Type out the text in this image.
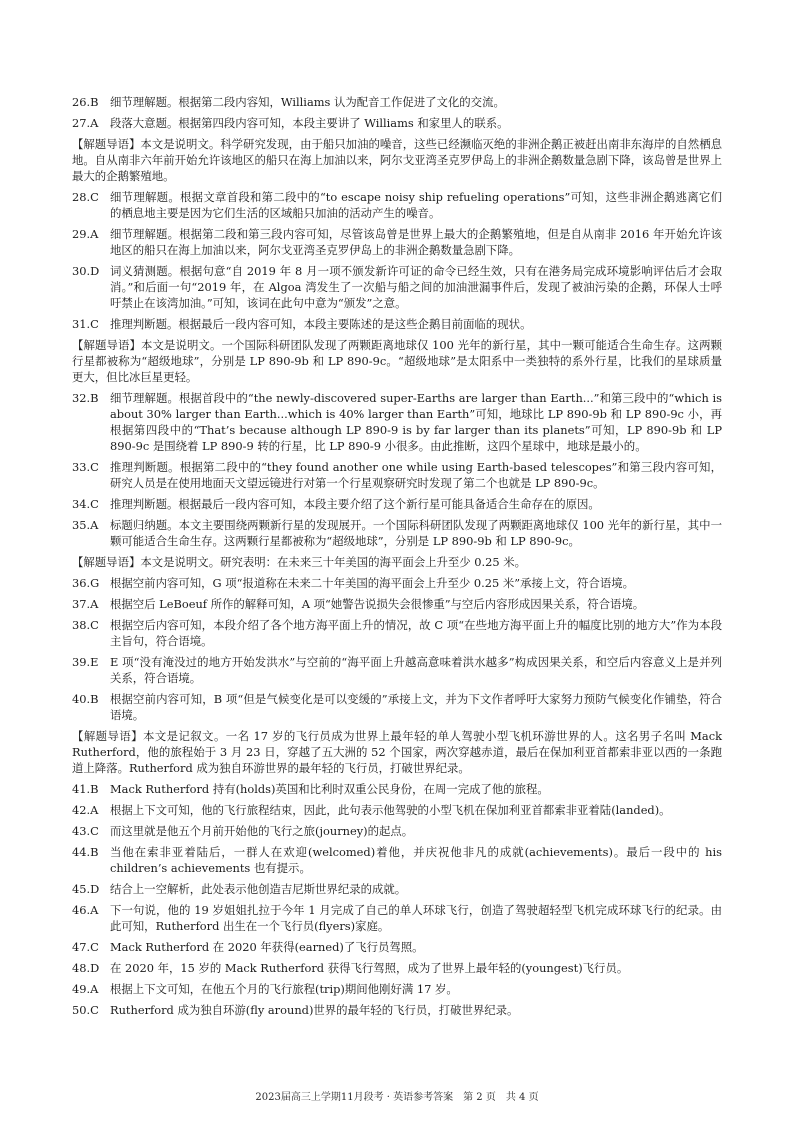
26.B	细节理解题。根据第二段内容知，Williams 认为配音工作促进了文化的交流。
27.A	段落大意题。根据第四段内容可知，本段主要讲了 Williams 和家里人的联系。
【解题导语】本文是说明文。科学研究发现，由于船只加油的噪音，这些已经濒临灭绝的非洲企鹅正被赶出南非东海岸的自然栖息地。自从南非六年前开始允许该地区的船只在海上加油以来，阿尔戈亚湾圣克罗伊岛上的非洲企鹅数量急剧下降，该岛曾是世界上最大的企鹅繁殖地。
28.C 细节理解题。根据文章首段和第二段中的“to escape noisy ship refueling operations”可知，这些非洲企鹅逃离它们的栖息地主要是因为它们生活的区域船只加油的活动产生的噪音。
29.A	细节理解题。根据第二段和第三段内容可知，尽管该岛曾是世界上最大的企鹅繁殖地，但是自从南非 2016 年开始允许该地区的船只在海上加油以来，阿尔戈亚湾圣克罗伊岛上的非洲企鹅数量急剧下降。
30.D 词义猜测题。根据句意“自 2019 年 8 月一项不颁发新许可证的命令已经生效，只有在港务局完成环境影响评估后才会取消。”和后面一句“2019 年，在 Algoa 湾发生了一次船与船之间的加油泄漏事件后，发现了被油污染的企鹅，环保人士呼吁禁止在该湾加油。”可知，该词在此句中意为“颁发”之意。
31.C 推理判断题。根据最后一段内容可知，本段主要陈述的是这些企鹅目前面临的现状。
【解题导语】本文是说明文。一个国际科研团队发现了两颗距离地球仅 100 光年的新行星，其中一颗可能适合生命生存。这两颗行星都被称为“超级地球”，分别是 LP 890-9b 和 LP 890-9c。“超级地球”是太阳系中一类独特的系外行星，比我们的星球质量更大，但比冰巨星更轻。
32.B	细节理解题。根据首段中的“the newly-discovered super-Earths are larger than Earth...”和第三段中的“which is about 30% larger than Earth...which is 40% larger than Earth”可知，地球比 LP 890-9b 和 LP 890-9c 小，再根据第四段中的“That’s because although LP 890-9 is by far larger than its planets”可知，LP 890-9b 和 LP 890-9c 是围绕着 LP 890-9 转的行星，比 LP 890-9 小很多。由此推断，这四个星球中，地球是最小的。
33.C 推理判断题。根据第二段中的“they found another one while using Earth-based telescopes”和第三段内容可知，研究人员是在使用地面天文望远镜进行对第一个行星观察研究时发现了第二个也就是 LP 890-9c。
34.C 推理判断题。根据最后一段内容可知，本段主要介绍了这个新行星可能具备适合生命存在的原因。
35.A	标题归纳题。本文主要围绕两颗新行星的发现展开。一个国际科研团队发现了两颗距离地球仅 100 光年的新行星，其中一颗可能适合生命生存。这两颗行星都被称为“超级地球”，分别是 LP 890-9b 和 LP 890-9c。
【解题导语】本文是说明文。研究表明：在未来三十年美国的海平面会上升至少 0.25 米。
36.G 根据空前内容可知，G 项“报道称在未来二十年美国的海平面会上升至少 0.25 米”承接上文，符合语境。
37.A	根据空后 LeBoeuf 所作的解释可知，A 项“她警告说损失会很惨重”与空后内容形成因果关系，符合语境。
38.C 根据空后内容可知，本段介绍了各个地方海平面上升的情况，故 C 项“在些地方海平面上升的幅度比别的地方大”作为本段主旨句，符合语境。
39.E	E 项“没有淹没过的地方开始发洪水”与空前的“海平面上升越高意味着洪水越多”构成因果关系，和空后内容意义上是并列关系，符合语境。
40.B	根据空前内容可知，B 项“但是气候变化是可以变缓的”承接上文，并为下文作者呼吁大家努力预防气候变化作铺垫，符合语境。
【解题导语】本文是记叙文。一名 17 岁的飞行员成为世界上最年轻的单人驾驶小型飞机环游世界的人。这名男子名叫 Mack Rutherford，他的旅程始于 3 月 23 日，穿越了五大洲的 52 个国家，两次穿越赤道，最后在保加利亚首都索非亚以西的一条跑道上降落。Rutherford 成为独自环游世界的最年轻的飞行员，打破世界纪录。
41.B	Mack Rutherford 持有(holds)英国和比利时双重公民身份，在周一完成了他的旅程。
42.A	根据上下文可知，他的飞行旅程结束，因此，此句表示他驾驶的小型飞机在保加利亚首都索非亚着陆(landed)。
43.C 而这里就是他五个月前开始他的飞行之旅(journey)的起点。
44.B	当他在索非亚着陆后，一群人在欢迎(welcomed)着他，并庆祝他非凡的成就(achievements)。最后一段中的 his children’s achievements 也有提示。
45.D 结合上一空解析，此处表示他创造吉尼斯世界纪录的成就。
46.A	下一句说，他的 19 岁姐姐扎拉于今年 1 月完成了自己的单人环球飞行，创造了驾驶超轻型飞机完成环球飞行的纪录。由此可知，Rutherford 出生在一个飞行员(flyers)家庭。
47.C Mack Rutherford 在 2020 年获得(earned)了飞行员驾照。
48.D 在 2020 年，15 岁的 Mack Rutherford 获得飞行驾照，成为了世界上最年轻的(youngest)飞行员。
49.A	根据上下文可知，在他五个月的飞行旅程(trip)期间他刚好满 17 岁。
50.C Rutherford 成为独自环游(fly around)世界的最年轻的飞行员，打破世界纪录。
2023届高三上学期11月段考 · 英语参考答案　第 2 页　共 4 页
